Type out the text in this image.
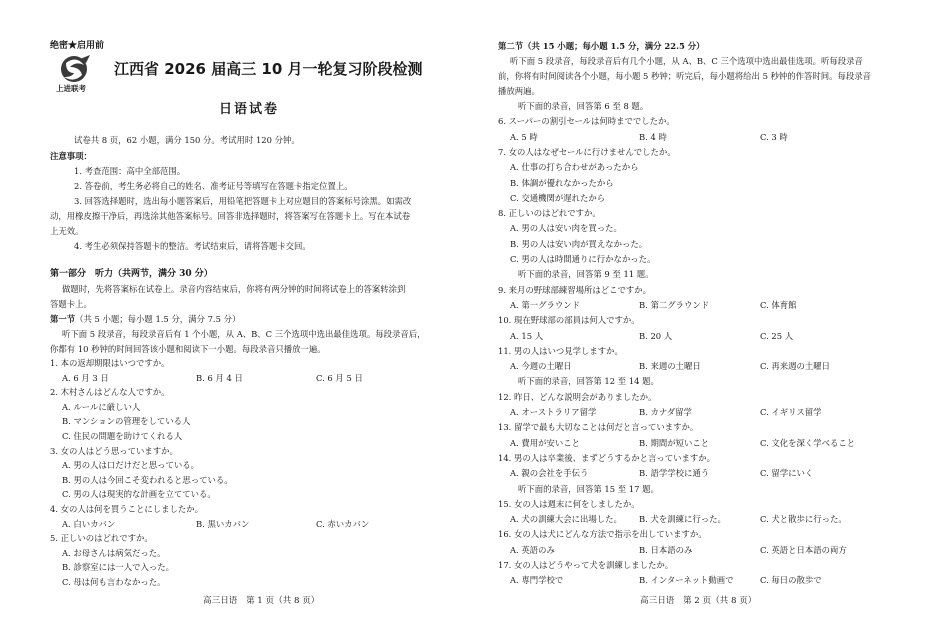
绝密★启用前
上进联考
江西省 2026 届高三 10 月一轮复习阶段检测
日语试卷
试卷共 8 页，62 小题，满分 150 分。考试用时 120 分钟。
注意事项：
1. 考查范围：高中全部范围。
2. 答卷前，考生务必将自己的姓名、准考证号等填写在答题卡指定位置上。
3. 回答选择题时，选出每小题答案后，用铅笔把答题卡上对应题目的答案标号涂黑。如需改
动，用橡皮擦干净后，再选涂其他答案标号。回答非选择题时，将答案写在答题卡上。写在本试卷
上无效。
4. 考生必须保持答题卡的整洁。考试结束后，请将答题卡交回。
第一部分　听力（共两节，满分 30 分）
做题时，先将答案标在试卷上。录音内容结束后，你将有两分钟的时间将试卷上的答案转涂到
答题卡上。
第一节（共 5 小题；每小题 1.5 分，满分 7.5 分）
听下面 5 段录音，每段录音后有 1 个小题，从 A、B、C 三个选项中选出最佳选项。每段录音后，
你都有 10 秒钟的时间回答该小题和阅读下一小题。每段录音只播放一遍。
1. 本の返却期限はいつですか。
A. 6 月 3 日	B. 6 月 4 日	C. 6 月 5 日
2. 木村さんはどんな人ですか。
A. ルールに厳しい人
B. マンションの管理をしている人
C. 住民の問題を助けてくれる人
3. 女の人はどう思っていますか。
A. 男の人は口だけだと思っている。
B. 男の人は今回こそ変われると思っている。
C. 男の人は現実的な計画を立てている。
4. 女の人は何を買うことにしましたか。
A. 白いカバン	B. 黒いカバン	C. 赤いカバン
5. 正しいのはどれですか。
A. お母さんは病気だった。
B. 診察室には一人で入った。
C. 母は何も言わなかった。
第二节（共 15 小题；每小题 1.5 分，满分 22.5 分）
听下面 5 段录音，每段录音后有几个小题，从 A、B、C 三个选项中选出最佳选项。听每段录音
前，你将有时间阅读各个小题，每小题 5 秒钟；听完后，每小题将给出 5 秒钟的作答时间。每段录音
播放两遍。
听下面的录音，回答第 6 至 8 题。
6. スーパーの割引セールは何時まででしたか。
A. 5 時	B. 4 時	C. 3 時
7. 女の人はなぜセールに行けませんでしたか。
A. 仕事の打ち合わせがあったから
B. 体調が優れなかったから
C. 交通機関が遅れたから
8. 正しいのはどれですか。
A. 男の人は安い肉を買った。
B. 男の人は安い肉が買えなかった。
C. 男の人は時間通りに行かなかった。
听下面的录音，回答第 9 至 11 题。
9. 来月の野球部練習場所はどこですか。
A. 第一グラウンド	B. 第二グラウンド	C. 体育館
10. 現在野球部の部員は何人ですか。
A. 15 人	B. 20 人	C. 25 人
11. 男の人はいつ見学しますか。
A. 今週の土曜日	B. 来週の土曜日	C. 再来週の土曜日
听下面的录音，回答第 12 至 14 题。
12. 昨日、どんな説明会がありましたか。
A. オーストラリア留学	B. カナダ留学	C. イギリス留学
13. 留学で最も大切なことは何だと言っていますか。
A. 費用が安いこと	B. 期間が短いこと	C. 文化を深く学べること
14. 男の人は卒業後、まずどうするかと言っていますか。
A. 親の会社を手伝う	B. 語学学校に通う	C. 留学にいく
听下面的录音，回答第 15 至 17 题。
15. 女の人は週末に何をしましたか。
A. 犬の訓練大会に出場した。 B. 犬を訓練に行った。	C. 犬と散歩に行った。
16. 女の人は犬にどんな方法で指示を出していますか。
A. 英語のみ	B. 日本語のみ	C. 英語と日本語の両方
17. 女の人はどうやって犬を訓練しましたか。
A. 専門学校で	B. インターネット動画で	C. 毎日の散歩で
高三日语　第 1 页（共 8 页）	高三日语　第 2 页（共 8 页）
